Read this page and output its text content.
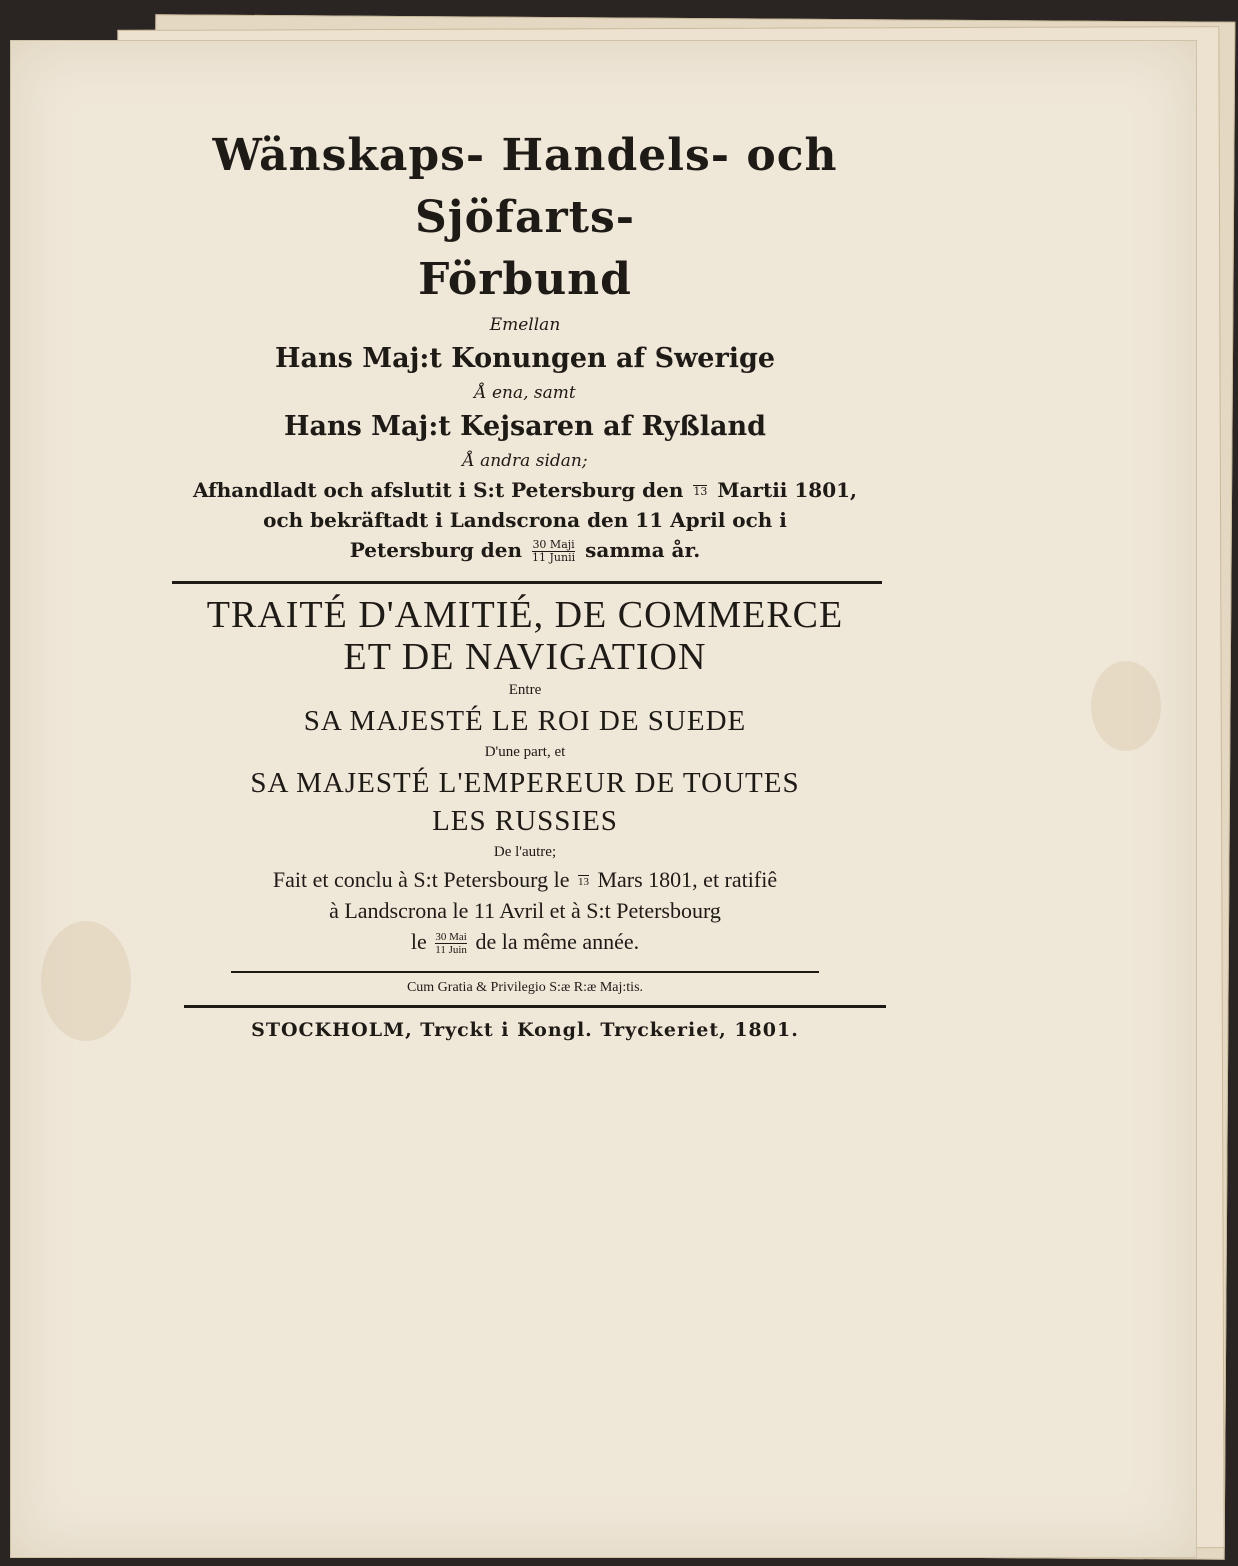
Wänskaps- Handels- och Sjöfarts-
Förbund
Emellan
Hans Maj:t Konungen af Swerige
Å ena, samt
Hans Maj:t Kejsaren af Ryßland
Å andra sidan;
Afhandladt och afslutit i S:t Petersburg den 13 Martii 1801,
och bekräftadt i Landscrona den 11 April och i
Petersburg den $\frac{\text{30 Maji}}{\text{11 Junii}}$ samma år.
TRAITÉ D'AMITIÉ, DE COMMERCE
ET DE NAVIGATION
Entre
SA MAJESTÉ LE ROI DE SUEDE
D'une part, et
SA MAJESTÉ L'EMPEREUR DE TOUTES
LES RUSSIES
De l'autre;
Fait et conclu à S:t Petersbourg le 13 Mars 1801, et ratifiê
à Landscrona le 11 Avril et à S:t Petersbourg
le $\frac{\text{30 Mai}}{\text{11 Juin}}$ de la même année.
Cum Gratia & Privilegio S:æ R:æ Maj:tis.
STOCKHOLM, Tryckt i Kongl. Tryckeriet, 1801.
